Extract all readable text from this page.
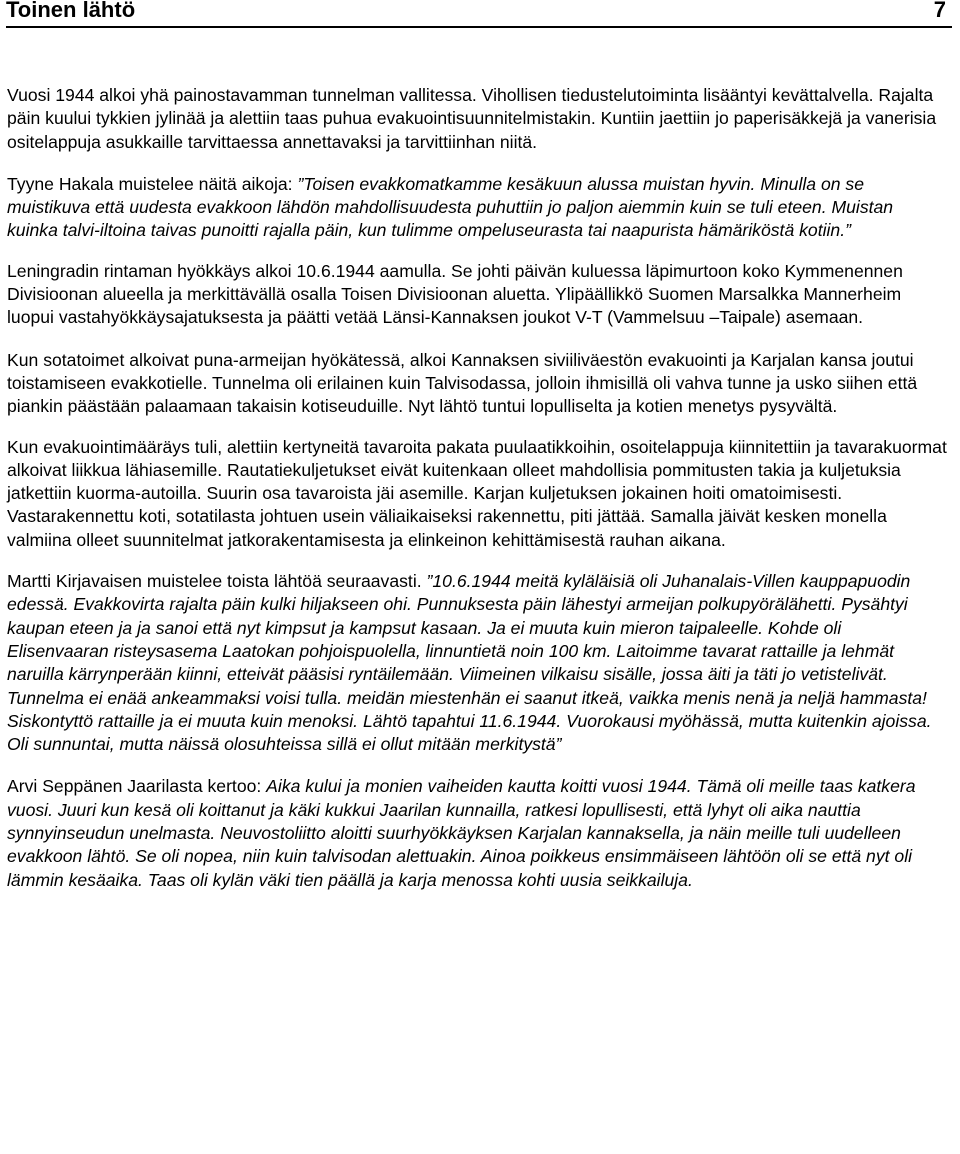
Toinen lähtö	7

Vuosi 1944 alkoi yhä painostavamman tunnelman vallitessa. Vihollisen tiedustelutoiminta lisääntyi kevättalvella. Rajalta päin kuului tykkien jylinää ja alettiin taas puhua evakuointisuunnitelmistakin. Kuntiin jaettiin jo paperisäkkejä ja vanerisia ositelappuja asukkaille tarvittaessa annettavaksi ja tarvittiinhan niitä.

Tyyne Hakala muistelee näitä aikoja: ”Toisen evakkomatkamme kesäkuun alussa muistan hyvin. Minulla on se muistikuva että uudesta evakkoon lähdön mahdollisuudesta puhuttiin jo paljon aiemmin kuin se tuli eteen. Muistan kuinka talvi-iltoina taivas punoitti rajalla päin, kun tulimme ompeluseurasta tai naapurista hämäriköstä kotiin.”

Leningradin rintaman hyökkäys alkoi 10.6.1944 aamulla. Se johti päivän kuluessa läpimurtoon koko Kymmenennen Divisioonan alueella ja merkittävällä osalla Toisen Divisioonan aluetta. Ylipäällikkö Suomen Marsalkka Mannerheim luopui vastahyökkäysajatuksesta ja päätti vetää Länsi-Kannaksen joukot V-T (Vammelsuu –Taipale) asemaan.

Kun sotatoimet alkoivat puna-armeijan hyökätessä, alkoi Kannaksen siviiliväestön evakuointi ja Karjalan kansa joutui toistamiseen evakkotielle. Tunnelma oli erilainen kuin Talvisodassa, jolloin ihmisillä oli vahva tunne ja usko siihen että piankin päästään palaamaan takaisin kotiseuduille. Nyt lähtö tuntui lopulliselta ja kotien menetys pysyvältä.

Kun evakuointimääräys tuli, alettiin kertyneitä tavaroita pakata puulaatikkoihin, osoitelappuja kiinnitettiin ja tavarakuormat alkoivat liikkua lähiasemille. Rautatiekuljetukset eivät kuitenkaan olleet mahdollisia pommitusten takia ja kuljetuksia jatkettiin kuorma-autoilla. Suurin osa tavaroista jäi asemille. Karjan kuljetuksen jokainen hoiti omatoimisesti. Vastarakennettu koti, sotatilasta johtuen usein väliaikaiseksi rakennettu, piti jättää. Samalla jäivät kesken monella valmiina olleet suunnitelmat jatkorakentamisesta ja elinkeinon kehittämisestä rauhan aikana.

Martti Kirjavaisen muistelee toista lähtöä seuraavasti. ”10.6.1944 meitä kyläläisiä oli Juhanalais-Villen kauppapuodin edessä. Evakkovirta rajalta päin kulki hiljakseen ohi. Punnuksesta päin lähestyi armeijan polkupyörälähetti. Pysähtyi kaupan eteen ja ja sanoi että nyt kimpsut ja kampsut kasaan. Ja ei muuta kuin mieron taipaleelle. Kohde oli Elisenvaaran risteysasema Laatokan pohjoispuolella, linnuntietä noin 100 km. Laitoimme tavarat rattaille ja lehmät naruilla kärrynperään kiinni, etteivät pääsisi ryntäilemään. Viimeinen vilkaisu sisälle, jossa äiti ja täti jo vetistelivät. Tunnelma ei enää ankeammaksi voisi tulla. meidän miestenhän ei saanut itkeä, vaikka menis nenä ja neljä hammasta! Siskontyttö rattaille ja ei muuta kuin menoksi. Lähtö tapahtui 11.6.1944. Vuorokausi myöhässä, mutta kuitenkin ajoissa. Oli sunnuntai, mutta näissä olosuhteissa sillä ei ollut mitään merkitystä”

Arvi Seppänen Jaarilasta kertoo: Aika kului ja monien vaiheiden kautta koitti vuosi 1944. Tämä oli meille taas katkera vuosi. Juuri kun kesä oli koittanut ja käki kukkui Jaarilan kunnailla, ratkesi lopullisesti, että lyhyt oli aika nauttia synnyinseudun unelmasta. Neuvostoliitto aloitti suurhyökkäyksen Karjalan kannaksella, ja näin meille tuli uudelleen evakkoon lähtö. Se oli nopea, niin kuin talvisodan alettuakin. Ainoa poikkeus ensimmäiseen lähtöön oli se että nyt oli lämmin kesäaika. Taas oli kylän väki tien päällä ja karja menossa kohti uusia seikkailuja.
